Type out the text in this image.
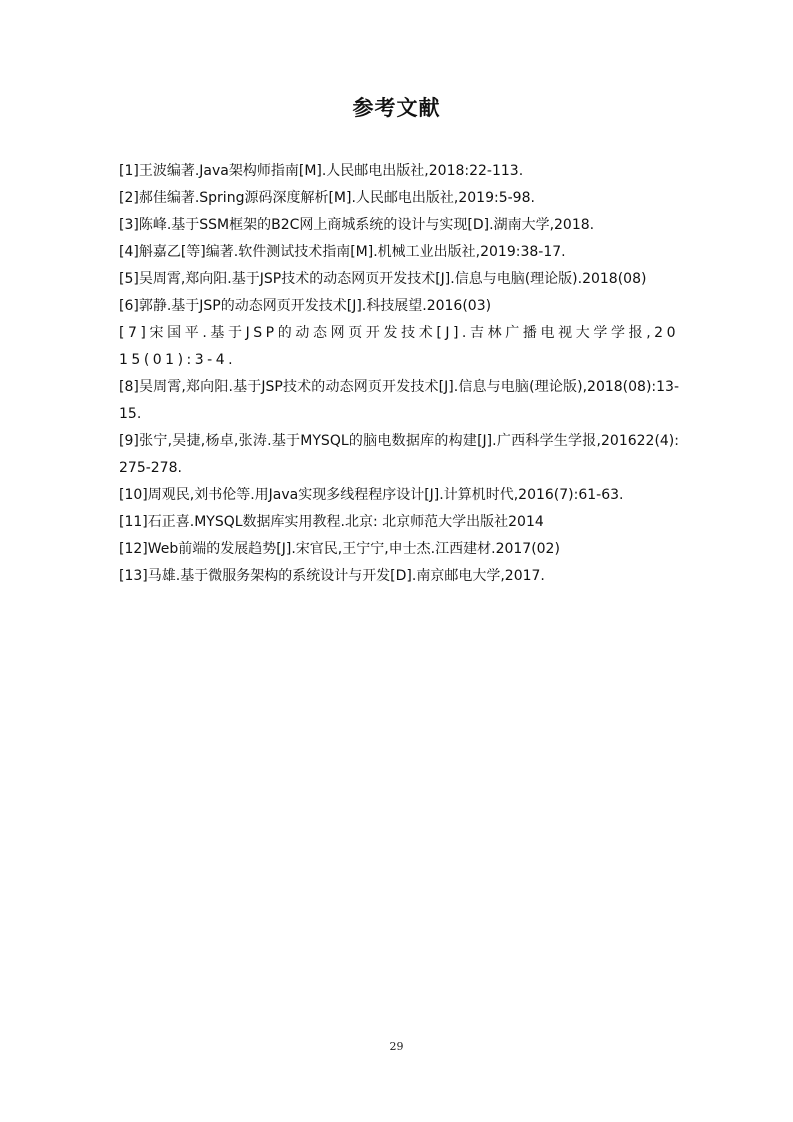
参考文献
[1]王波编著.Java架构师指南[M].人民邮电出版社,2018:22-113.
[2]郝佳编著.Spring源码深度解析[M].人民邮电出版社,2019:5-98.
[3]陈峰.基于SSM框架的B2C网上商城系统的设计与实现[D].湖南大学,2018.
[4]斛嘉乙[等]编著.软件测试技术指南[M].机械工业出版社,2019:38-17.
[5]吴周霄,郑向阳.基于JSP技术的动态网页开发技术[J].信息与电脑(理论版).2018(08)
[6]郭静.基于JSP的动态网页开发技术[J].科技展望.2016(03)
[7]宋国平.基于JSP的动态网页开发技术[J].吉林广播电视大学学报,2015(01):3-4.
[8]吴周霄,郑向阳.基于JSP技术的动态网页开发技术[J].信息与电脑(理论版),2018(08):13-15.
[9]张宁,吴捷,杨卓,张涛.基于MYSQL的脑电数据库的构建[J].广西科学生学报,201622(4): 275-278.
[10]周观民,刘书伦等.用Java实现多线程程序设计[J].计算机时代,2016(7):61-63.
[11]石正喜.MYSQL数据库实用教程.北京: 北京师范大学出版社2014
[12]Web前端的发展趋势[J].宋官民,王宁宁,申士杰.江西建材.2017(02)
[13]马雄.基于微服务架构的系统设计与开发[D].南京邮电大学,2017.
29
